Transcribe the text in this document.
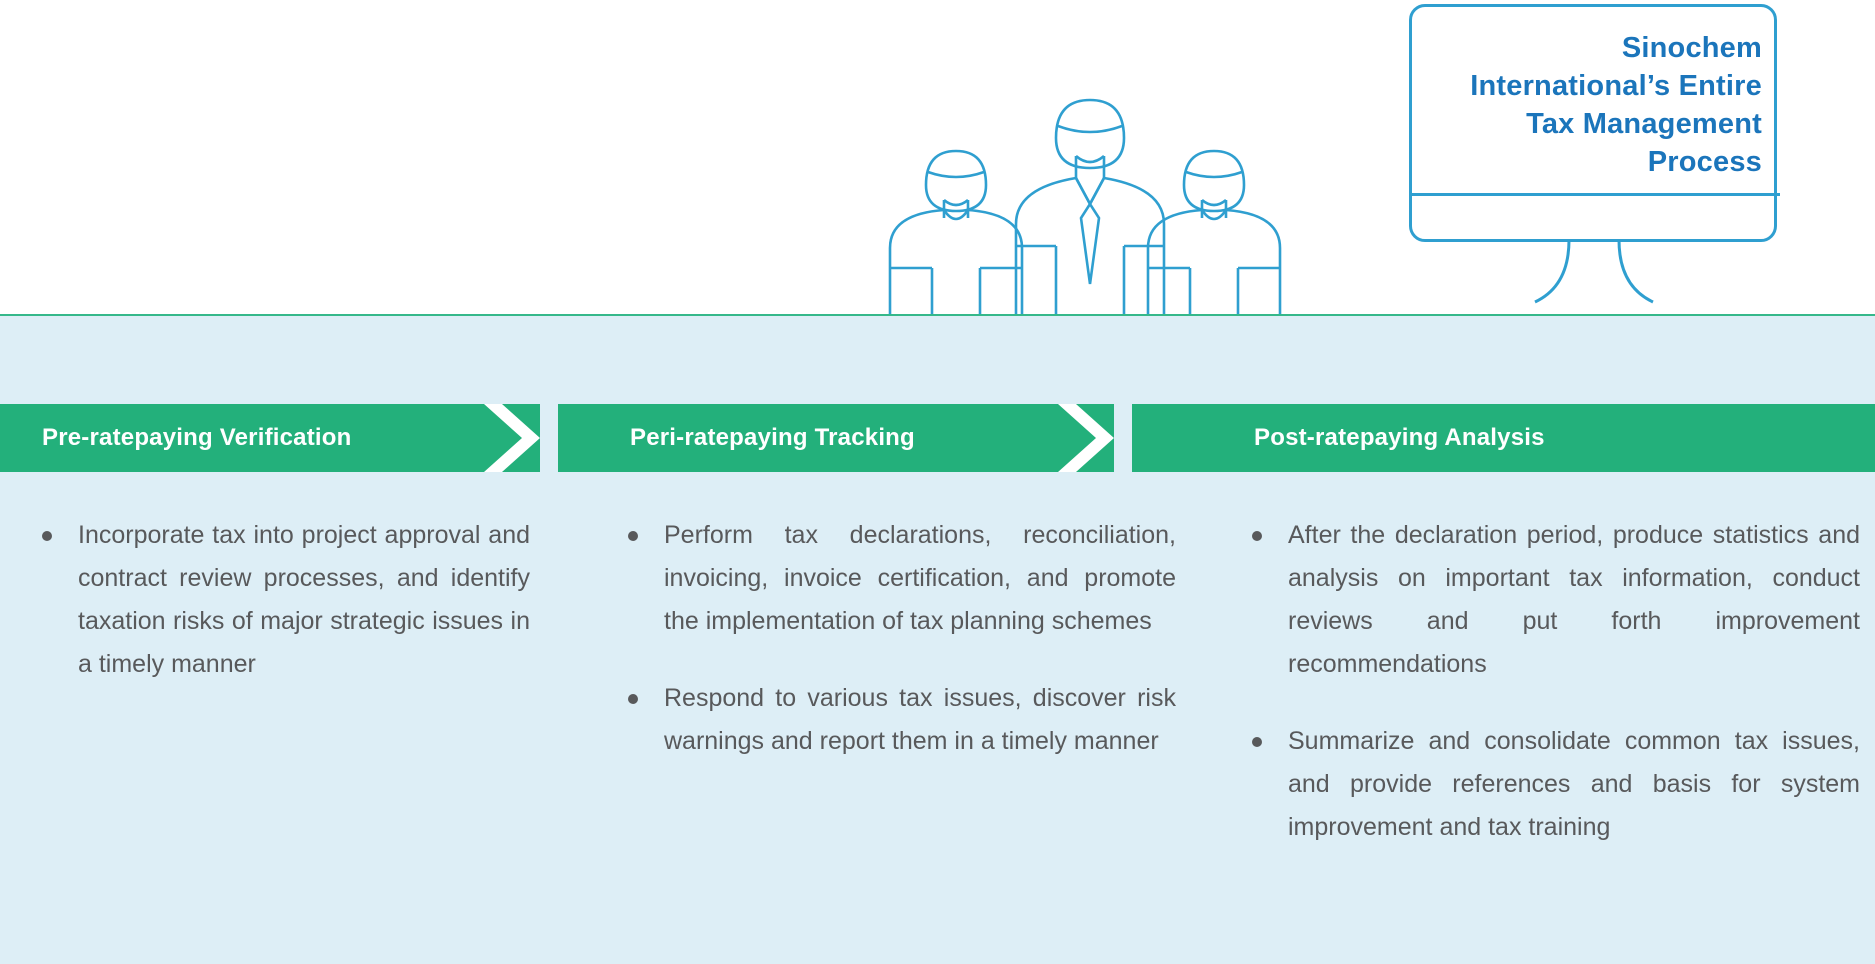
Sinochem International’s Entire Tax Management Process
Pre-ratepaying Verification	Peri-ratepaying Tracking	Post-ratepaying Analysis
Incorporate tax into project approval and contract review processes, and identify taxation risks of major strategic issues in a timely manner
Perform tax declarations, reconciliation, invoicing, invoice certification, and promote the implementation of tax planning schemes
Respond to various tax issues, discover risk warnings and report them in a timely manner
After the declaration period, produce statistics and analysis on important tax information, conduct reviews and put forth improvement recommendations
Summarize and consolidate common tax issues, and provide references and basis for system improvement and tax training
